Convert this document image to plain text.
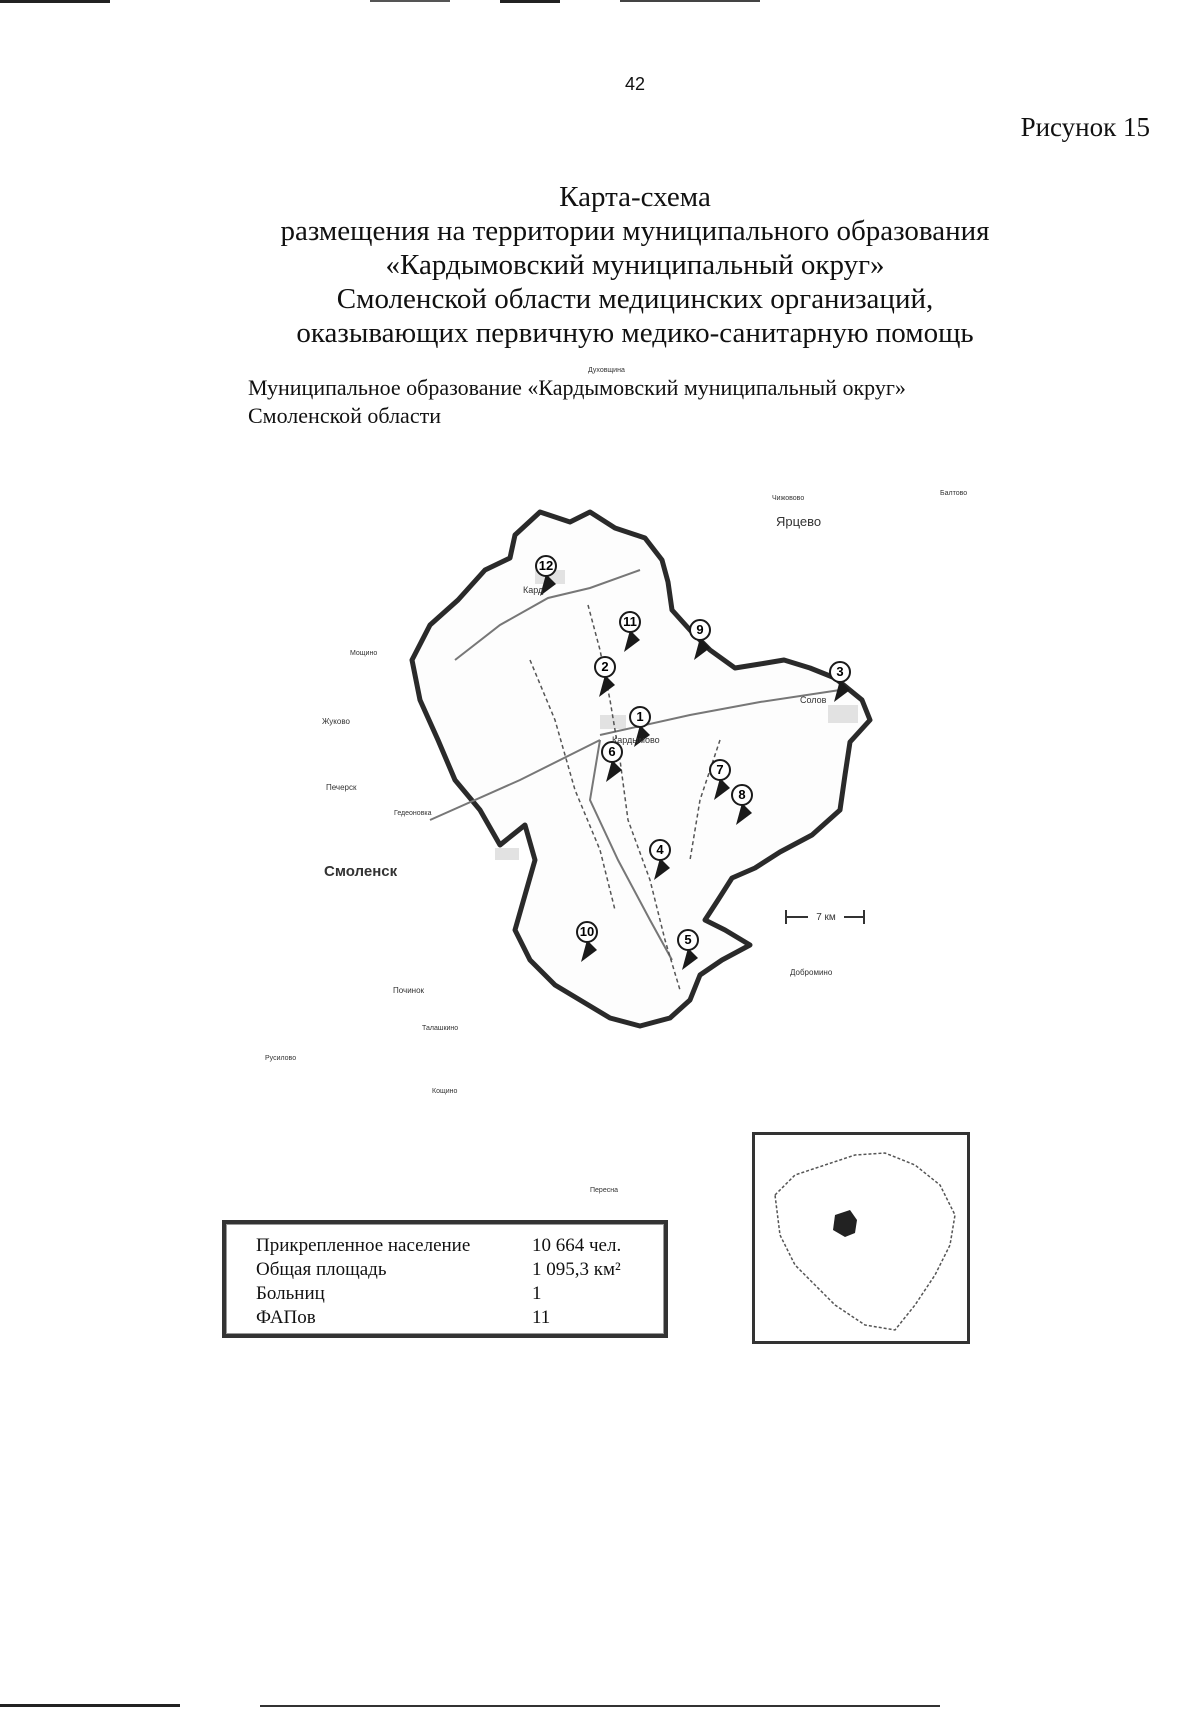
42
Рисунок 15
Карта-схема
размещения на территории муниципального образования
«Кардымовский муниципальный округ»
Смоленской области медицинских организаций,
оказывающих первичную медико-санитарную помощь
Муниципальное образование «Кардымовский муниципальный округ»
Смоленской области
1
2	3
4
5
6
7
8
9
10
11
12
Ярцево
Смоленск
Кардымово
Солов
Кард
Духовщина
Жуково
Мощино
Печерск
Гедеоновка
Добромино
Починок
Талашкино
Русилово
Кощино
Переснa
Чижовово
Балтово
7 км
Прикрепленное население	10 664 чел.
Общая площадь	1 095,3 км²
Больниц	1
ФАПов	11
